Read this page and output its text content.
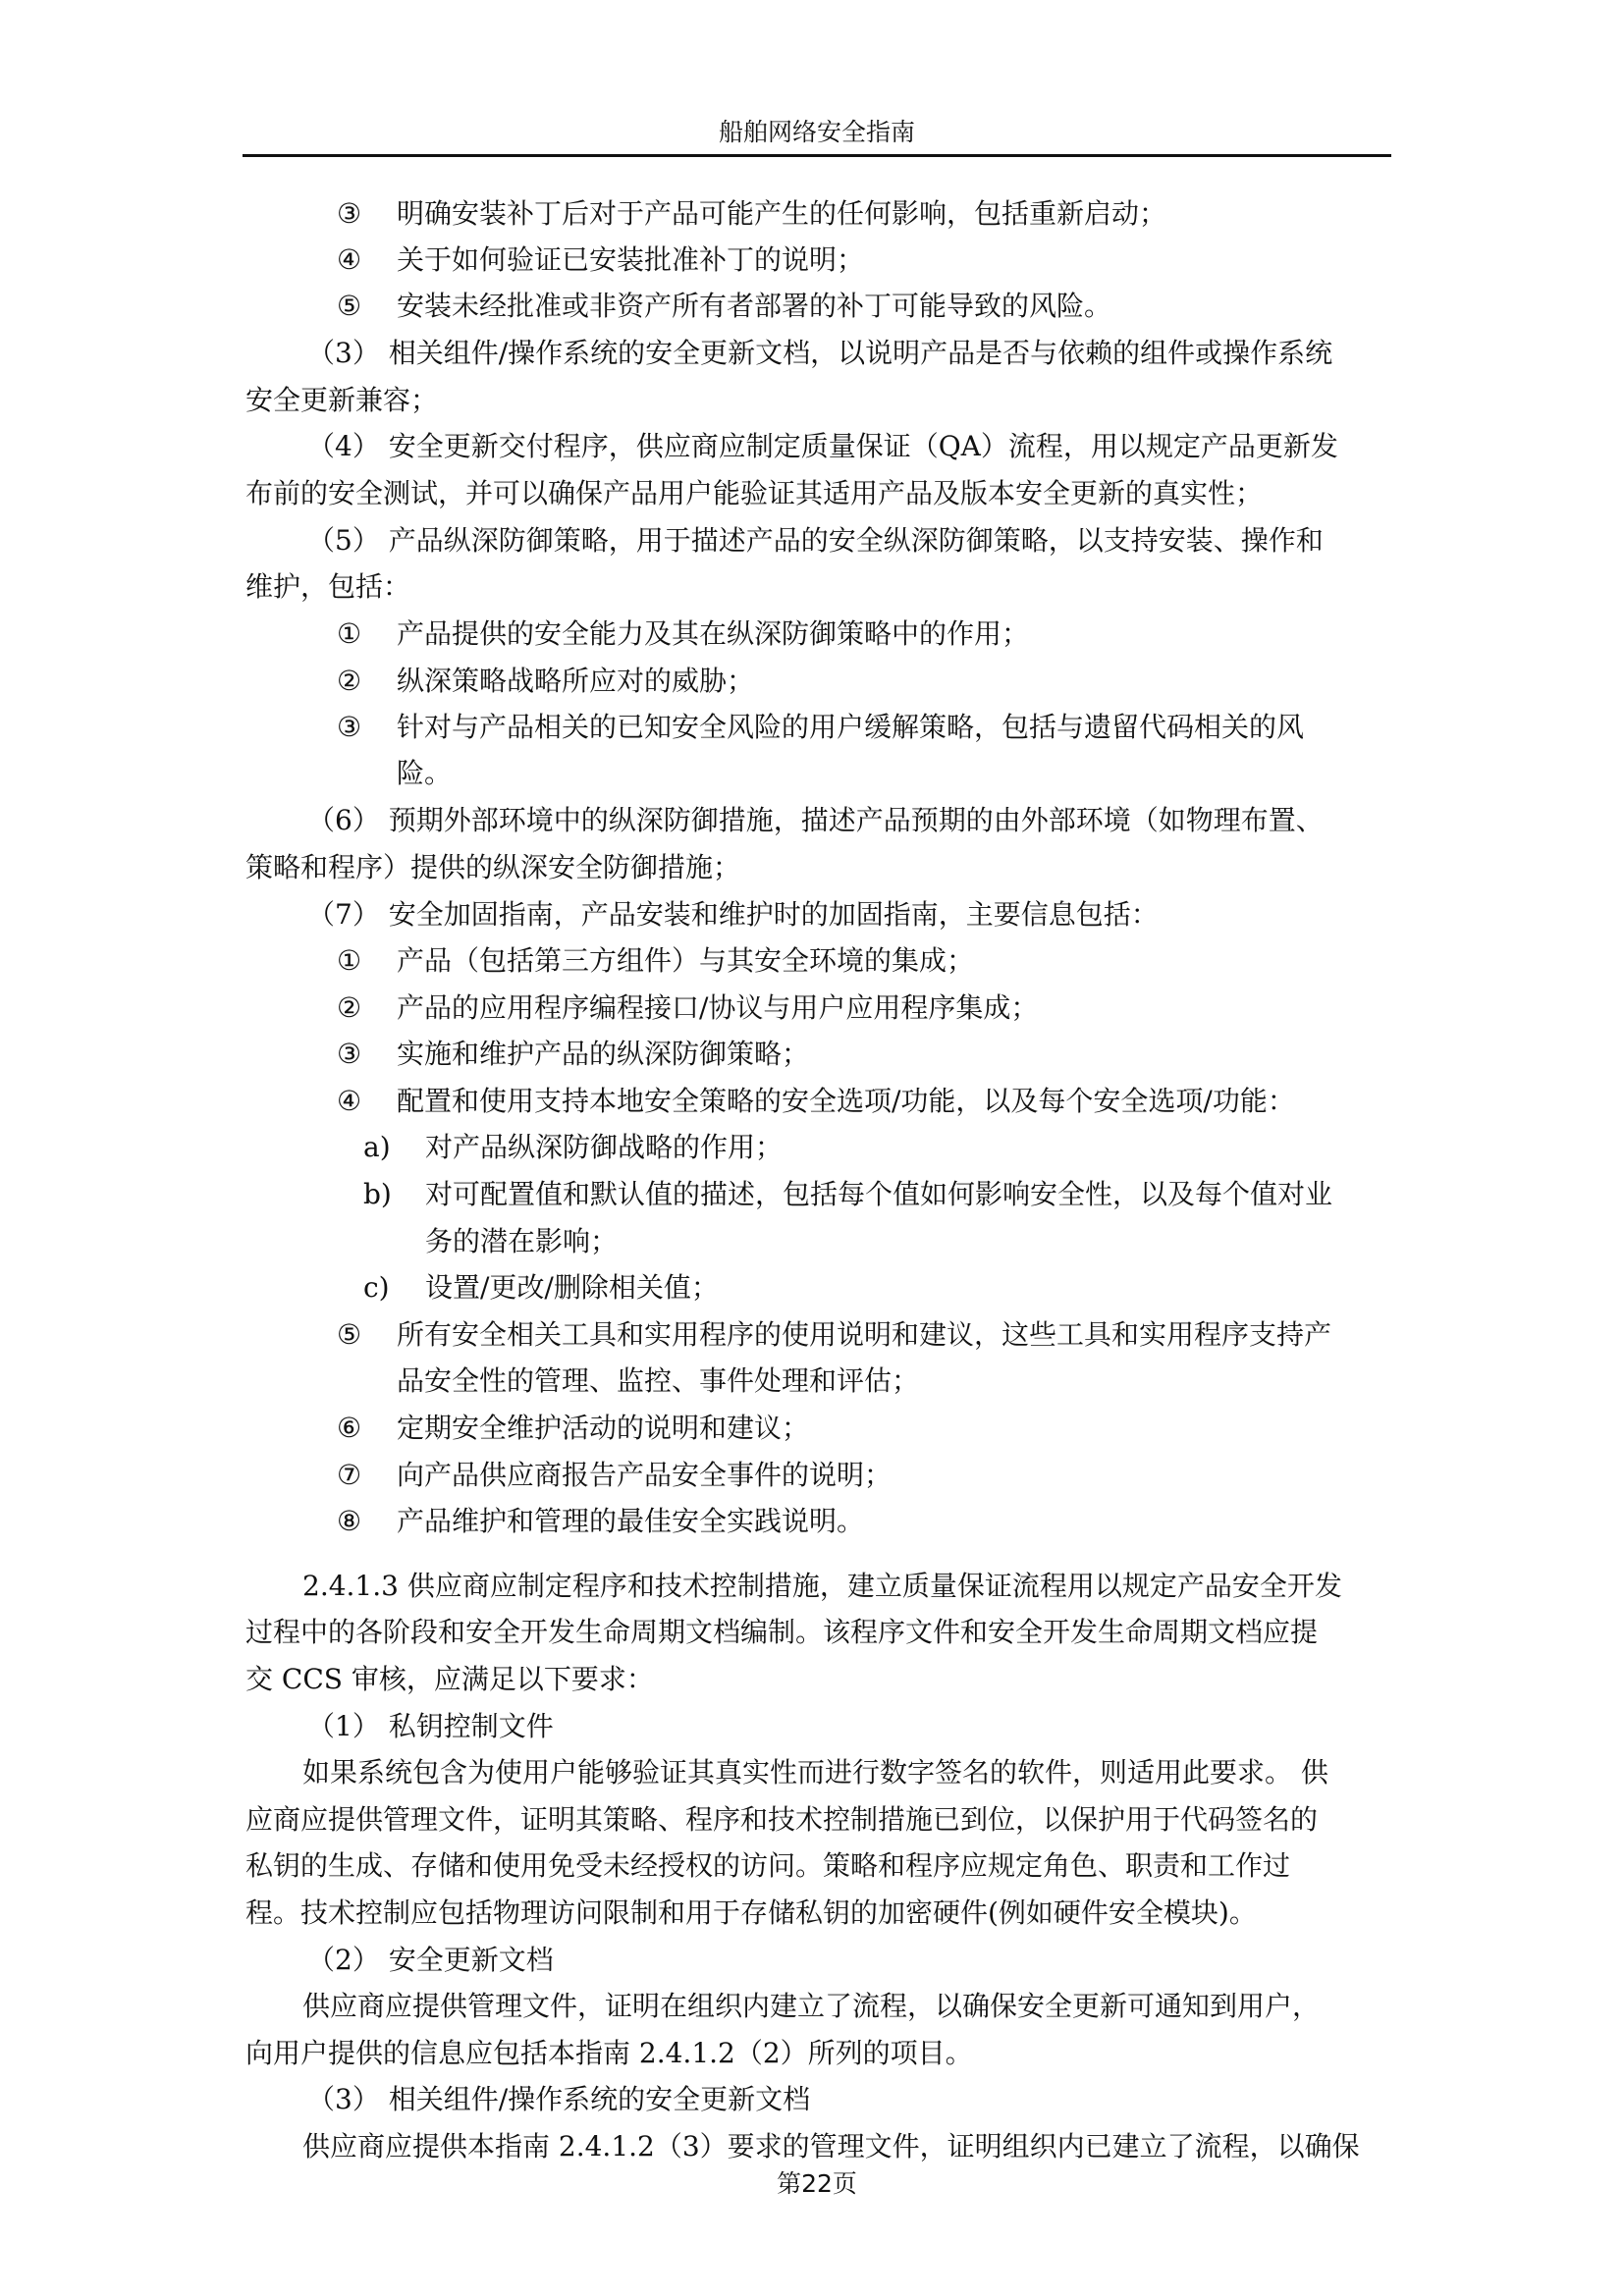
船舶网络安全指南
③ 明确安装补丁后对于产品可能产生的任何影响，包括重新启动；
④ 关于如何验证已安装批准补丁的说明；
⑤ 安装未经批准或非资产所有者部署的补丁可能导致的风险。
（3） 相关组件/操作系统的安全更新文档，以说明产品是否与依赖的组件或操作系统
安全更新兼容；
（4） 安全更新交付程序，供应商应制定质量保证（QA）流程，用以规定产品更新发
布前的安全测试，并可以确保产品用户能验证其适用产品及版本安全更新的真实性；
（5） 产品纵深防御策略，用于描述产品的安全纵深防御策略，以支持安装、操作和
维护，包括：
① 产品提供的安全能力及其在纵深防御策略中的作用；
② 纵深策略战略所应对的威胁；
③ 针对与产品相关的已知安全风险的用户缓解策略，包括与遗留代码相关的风
险。
（6） 预期外部环境中的纵深防御措施，描述产品预期的由外部环境（如物理布置、
策略和程序）提供的纵深安全防御措施；
（7） 安全加固指南，产品安装和维护时的加固指南，主要信息包括：
① 产品（包括第三方组件）与其安全环境的集成；
② 产品的应用程序编程接口/协议与用户应用程序集成；
③ 实施和维护产品的纵深防御策略；
④ 配置和使用支持本地安全策略的安全选项/功能，以及每个安全选项/功能：
a) 对产品纵深防御战略的作用；
b) 对可配置值和默认值的描述，包括每个值如何影响安全性，以及每个值对业
务的潜在影响；
c) 设置/更改/删除相关值；
⑤ 所有安全相关工具和实用程序的使用说明和建议，这些工具和实用程序支持产
品安全性的管理、监控、事件处理和评估；
⑥ 定期安全维护活动的说明和建议；
⑦ 向产品供应商报告产品安全事件的说明；
⑧ 产品维护和管理的最佳安全实践说明。
2.4.1.3 供应商应制定程序和技术控制措施，建立质量保证流程用以规定产品安全开发
过程中的各阶段和安全开发生命周期文档编制。该程序文件和安全开发生命周期文档应提
交 CCS 审核，应满足以下要求：
（1） 私钥控制文件
如果系统包含为使用户能够验证其真实性而进行数字签名的软件，则适用此要求。 供
应商应提供管理文件，证明其策略、程序和技术控制措施已到位，以保护用于代码签名的
私钥的生成、存储和使用免受未经授权的访问。策略和程序应规定角色、职责和工作过
程。技术控制应包括物理访问限制和用于存储私钥的加密硬件(例如硬件安全模块)。
（2） 安全更新文档
供应商应提供管理文件，证明在组织内建立了流程，以确保安全更新可通知到用户，
向用户提供的信息应包括本指南 2.4.1.2（2）所列的项目。
（3） 相关组件/操作系统的安全更新文档
供应商应提供本指南 2.4.1.2（3）要求的管理文件，证明组织内已建立了流程，以确保
第22页
